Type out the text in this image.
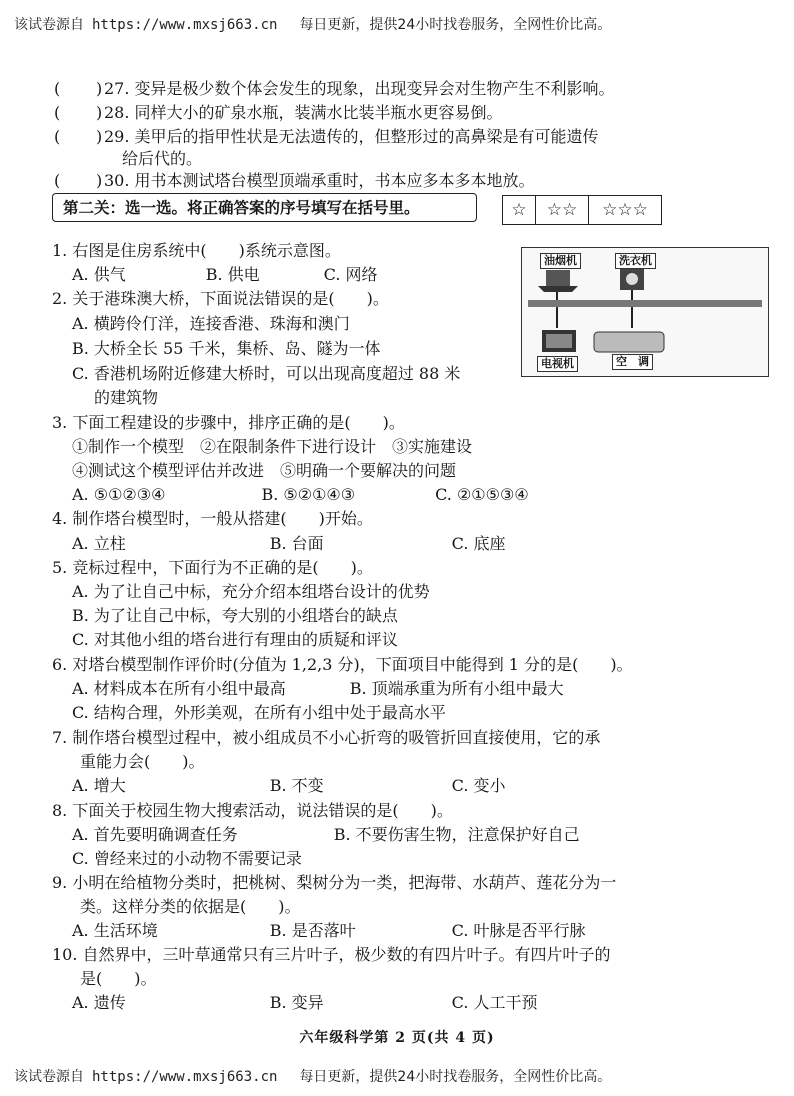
该试卷源自 https://www.mxsj663.cn 每日更新，提供24小时找卷服务，全网性价比高。
( ) 27. 变异是极少数个体会发生的现象，出现变异会对生物产生不利影响。
( ) 28. 同样大小的矿泉水瓶，装满水比装半瓶水更容易倒。
( ) 29. 美甲后的指甲性状是无法遗传的，但整形过的高鼻梁是有可能遗传
给后代的。
( ) 30. 用书本测试塔台模型顶端承重时，书本应多本多本地放。
第二关：选一选。将正确答案的序号填写在括号里。	☆	☆☆	☆☆☆
油烟机	洗衣机
电视机	空　调
1. 右图是住房系统中(　　)系统示意图。
A. 供气　　　　　B. 供电　　　　C. 网络
2. 关于港珠澳大桥，下面说法错误的是(　　)。
A. 横跨伶仃洋，连接香港、珠海和澳门
B. 大桥全长 55 千米，集桥、岛、隧为一体
C. 香港机场附近修建大桥时，可以出现高度超过 88 米
的建筑物
3. 下面工程建设的步骤中，排序正确的是(　　)。
①制作一个模型　②在限制条件下进行设计　③实施建设
④测试这个模型评估并改进　⑤明确一个要解决的问题
A. ⑤①②③④　　　　　　B. ⑤②①④③　　　　　C. ②①⑤③④
4. 制作塔台模型时，一般从搭建(　　)开始。
A. 立柱　　　　　　　　　B. 台面　　　　　　　　C. 底座
5. 竞标过程中，下面行为不正确的是(　　)。
A. 为了让自己中标，充分介绍本组塔台设计的优势
B. 为了让自己中标，夸大别的小组塔台的缺点
C. 对其他小组的塔台进行有理由的质疑和评议
6. 对塔台模型制作评价时(分值为 1,2,3 分)，下面项目中能得到 1 分的是(　　)。
A. 材料成本在所有小组中最高　　　　B. 顶端承重为所有小组中最大
C. 结构合理，外形美观，在所有小组中处于最高水平
7. 制作塔台模型过程中，被小组成员不小心折弯的吸管折回直接使用，它的承
重能力会(　　)。
A. 增大　　　　　　　　　B. 不变　　　　　　　　C. 变小
8. 下面关于校园生物大搜索活动，说法错误的是(　　)。
A. 首先要明确调查任务　　　　　　B. 不要伤害生物，注意保护好自己
C. 曾经来过的小动物不需要记录
9. 小明在给植物分类时，把桃树、梨树分为一类，把海带、水葫芦、莲花分为一
类。这样分类的依据是(　　)。
A. 生活环境　　　　　　　B. 是否落叶　　　　　　C. 叶脉是否平行脉
10. 自然界中，三叶草通常只有三片叶子，极少数的有四片叶子。有四片叶子的
是(　　)。
A. 遗传　　　　　　　　　B. 变异　　　　　　　　C. 人工干预
六年级科学第 2 页(共 4 页)
该试卷源自 https://www.mxsj663.cn 每日更新，提供24小时找卷服务，全网性价比高。
